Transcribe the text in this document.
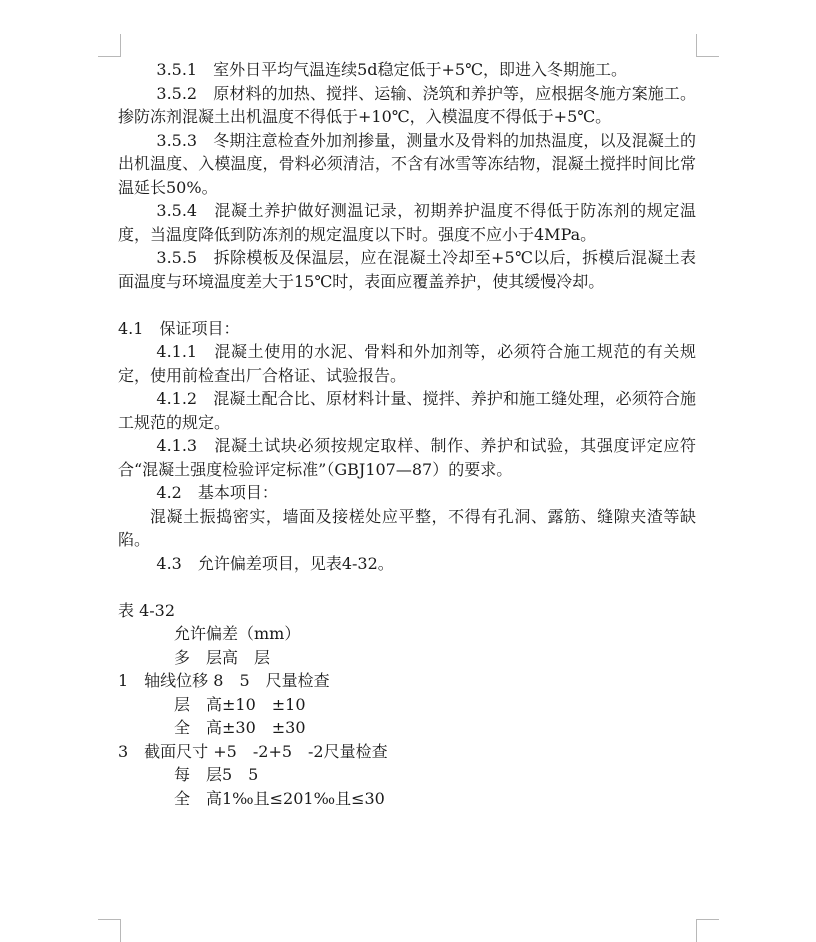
3.5.1　室外日平均气温连续5d稳定低于+5℃，即进入冬期施工。

3.5.2　原材料的加热、搅拌、运输、浇筑和养护等，应根据冬施方案施工。掺防冻剂混凝土出机温度不得低于+10℃，入模温度不得低于+5℃。

3.5.3　冬期注意检查外加剂掺量，测量水及骨料的加热温度，以及混凝土的出机温度、入模温度，骨料必须清洁，不含有冰雪等冻结物，混凝土搅拌时间比常温延长50%。

3.5.4　混凝土养护做好测温记录，初期养护温度不得低于防冻剂的规定温度，当温度降低到防冻剂的规定温度以下时。强度不应小于4MPa。

3.5.5　拆除模板及保温层，应在混凝土冷却至+5℃以后，拆模后混凝土表面温度与环境温度差大于15℃时，表面应覆盖养护，使其缓慢冷却。

4.1　保证项目：

4.1.1　混凝土使用的水泥、骨料和外加剂等，必须符合施工规范的有关规定，使用前检查出厂合格证、试验报告。

4.1.2　混凝土配合比、原材料计量、搅拌、养护和施工缝处理，必须符合施工规范的规定。

4.1.3　混凝土试块必须按规定取样、制作、养护和试验，其强度评定应符合“混凝土强度检验评定标准”（GBJ107—87）的要求。

4.2　基本项目：

混凝土振捣密实，墙面及接槎处应平整，不得有孔洞、露筋、缝隙夹渣等缺陷。

4.3　允许偏差项目，见表4-32。

表 4-32

允许偏差（mm）

多　层高　层

1　轴线位移 8　5　尺量检查

层　高±10　±10

全　高±30　±30

3　截面尺寸 +5　-2+5　-2尺量检查

每　层5　5

全　高1‰且≤201‰且≤30
